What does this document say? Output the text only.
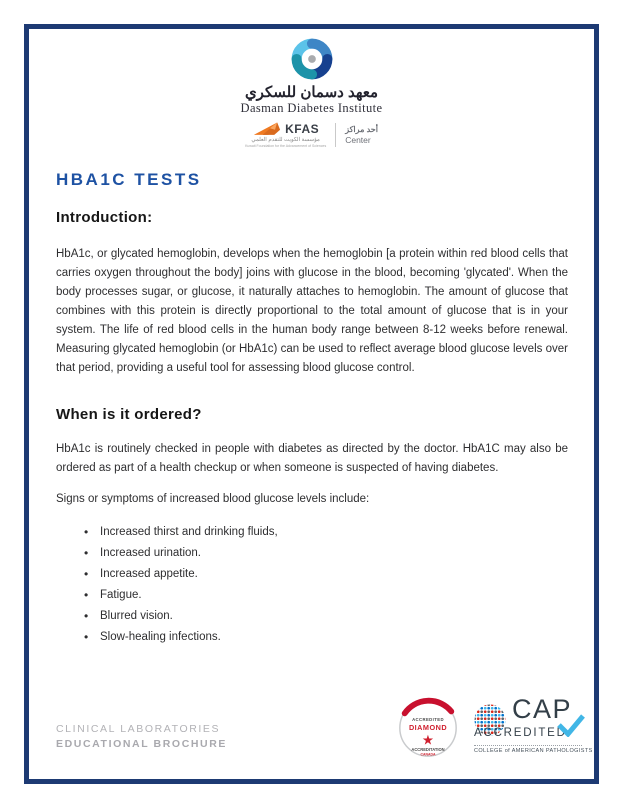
معهد دسمان للسكري
Dasman Diabetes Institute
KFAS
مؤسسة الكويت للتقدم العلمي
Kuwait Foundation for the Advancement of Sciences
أحد مراكز
Center
HBA1C TESTS
Introduction:
HbA1c, or glycated hemoglobin, develops when the hemoglobin [a protein within red blood cells that carries oxygen throughout the body] joins with glucose in the blood, becoming 'glycated'. When the body processes sugar, or glucose, it naturally attaches to hemoglobin. The amount of glucose that combines with this protein is directly proportional to the total amount of glucose that is in your system. The life of red blood cells in the human body range between 8-12 weeks before renewal. Measuring glycated hemoglobin (or HbA1c) can be used to reflect average blood glucose levels over that period, providing a useful tool for assessing blood glucose control.
When is it ordered?
HbA1c is routinely checked in people with diabetes as directed by the doctor. HbA1C may also be ordered as part of a health checkup or when someone is suspected of having diabetes.
Signs or symptoms of increased blood glucose levels include:
• Increased thirst and drinking fluids,
• Increased urination.
• Increased appetite.
• Fatigue.
• Blurred vision.
• Slow-healing infections.
CLINICAL LABORATORIES
EDUCATIONAL BROCHURE
ACCREDITED
DIAMOND
★
ACCREDITATION
CANADA
CAP
ACCREDITED
COLLEGE of AMERICAN PATHOLOGISTS
